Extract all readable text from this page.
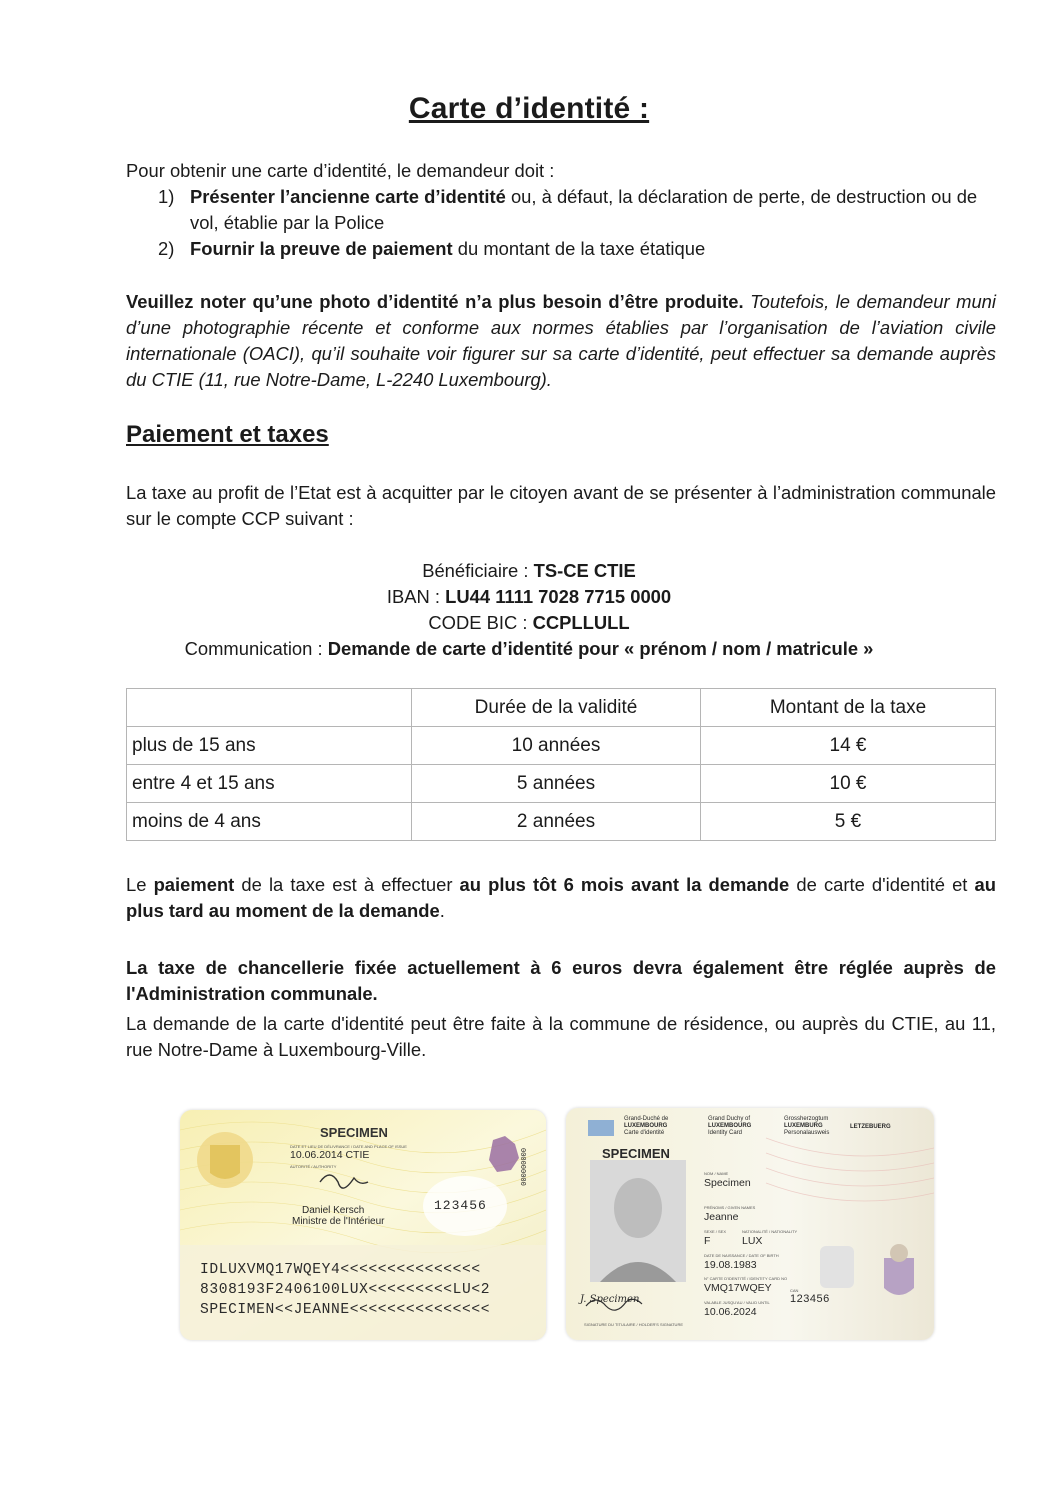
Carte d’identité :
Pour obtenir une carte d’identité, le demandeur doit :
1) Présenter l’ancienne carte d’identité ou, à défaut, la déclaration de perte, de destruction ou de vol, établie par la Police
2) Fournir la preuve de paiement du montant de la taxe étatique
Veuillez noter qu’une photo d’identité n’a plus besoin d’être produite. Toutefois, le demandeur muni d’une photographie récente et conforme aux normes établies par l’organisation de l’aviation civile internationale (OACI), qu’il souhaite voir figurer sur sa carte d’identité, peut effectuer sa demande auprès du CTIE (11, rue Notre-Dame, L-2240 Luxembourg).
Paiement et taxes
La taxe au profit de l’Etat est à acquitter par le citoyen avant de se présenter à l’administration communale sur le compte CCP suivant :
Bénéficiaire : TS-CE CTIE
IBAN : LU44 1111 7028 7715 0000
CODE BIC : CCPLLULL
Communication : Demande de carte d’identité pour « prénom / nom / matricule »
	Durée de la validité	Montant de la taxe
plus de 15 ans	10 années	14 €
entre 4 et 15 ans	5 années	10 €
moins de 4 ans	2 années	5 €
Le paiement de la taxe est à effectuer au plus tôt 6 mois avant la demande de carte d'identité et au plus tard au moment de la demande.
La taxe de chancellerie fixée actuellement à 6 euros devra également être réglée auprès de l'Administration communale.
La demande de la carte d'identité peut être faite à la commune de résidence, ou auprès du CTIE, au 11, rue Notre-Dame à Luxembourg-Ville.
SPECIMEN
DATE ET LIEU DE DÉLIVRANCE / DATE AND PLACE OF ISSUE
10.06.2014 CTIE
AUTORITÉ / AUTHORITY
Daniel Kersch
Ministre de l'Intérieur
123456
000000000
IDLUXVMQ17WQEY4<<<<<<<<<<<<<<<
8308193F2406100LUX<<<<<<<<<LU<2
SPECIMEN<<JEANNE<<<<<<<<<<<<<<<
Grand-Duché de
LUXEMBOURG
Carte d'identité
Grand Duchy of
LUXEMBOURG
Identity Card
Grossherzogtum
LUXEMBURG
Personalausweis
LETZEBUERG
SPECIMEN
NOM / NAME
Specimen
PRÉNOMS / GIVEN NAMES
Jeanne
SEXE / SEX
F
NATIONALITÉ / NATIONALITY
LUX
DATE DE NAISSANCE / DATE OF BIRTH
19.08.1983
N° CARTE D'IDENTITÉ / IDENTITY CARD NO
VMQ17WQEY	CAN
123456
VALABLE JUSQU'AU / VALID UNTIL
10.06.2024
J. Specimen
SIGNATURE DU TITULAIRE / HOLDER'S SIGNATURE
